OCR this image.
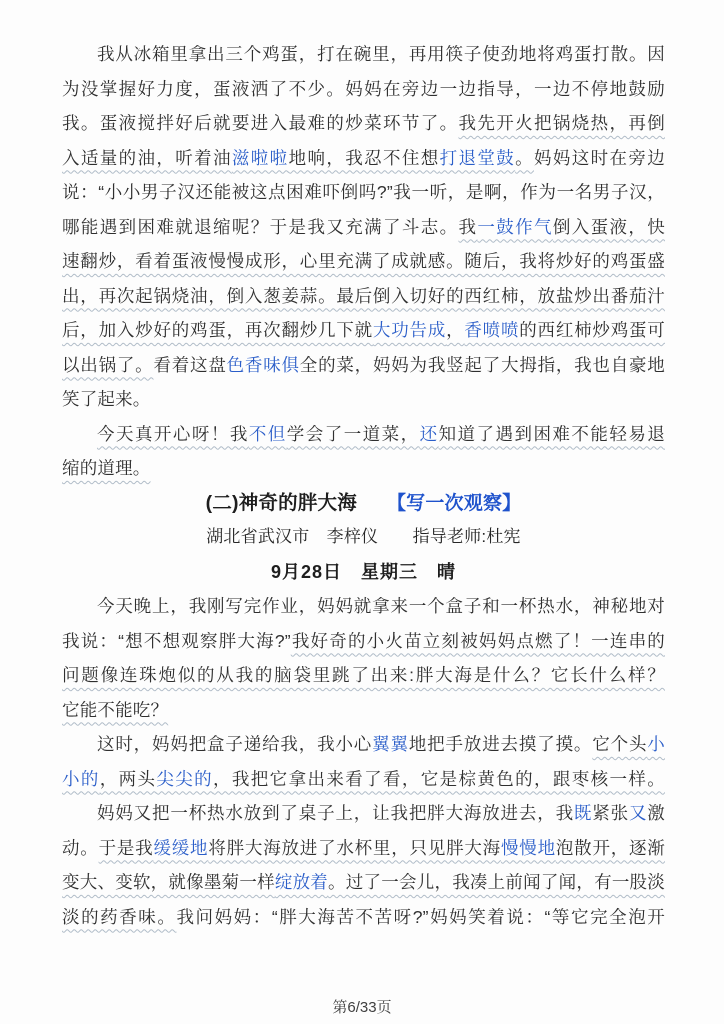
我从冰箱里拿出三个鸡蛋，打在碗里，再用筷子使劲地将鸡蛋打散。因
为没掌握好力度，蛋液洒了不少。妈妈在旁边一边指导，一边不停地鼓励
我。蛋液搅拌好后就要进入最难的炒菜环节了。我先开火把锅烧热，再倒
入适量的油，听着油滋啦啦地响，我忍不住想打退堂鼓。妈妈这时在旁边
说：“小小男子汉还能被这点困难吓倒吗?”我一听，是啊，作为一名男子汉，
哪能遇到困难就退缩呢？于是我又充满了斗志。我一鼓作气倒入蛋液，快
速翻炒，看着蛋液慢慢成形，心里充满了成就感。随后，我将炒好的鸡蛋盛
出，再次起锅烧油，倒入葱姜蒜。最后倒入切好的西红柿，放盐炒出番茄汁
后，加入炒好的鸡蛋，再次翻炒几下就大功告成，香喷喷的西红柿炒鸡蛋可
以出锅了。看着这盘色香味俱全的菜，妈妈为我竖起了大拇指，我也自豪地
笑了起来。
今天真开心呀！我不但学会了一道菜，还知道了遇到困难不能轻易退
缩的道理。
(二)神奇的胖大海 【写一次观察】
湖北省武汉市　李梓仪　　指导老师:杜宪
9月28日　星期三　晴
今天晚上，我刚写完作业，妈妈就拿来一个盒子和一杯热水，神秘地对
我说：“想不想观察胖大海?”我好奇的小火苗立刻被妈妈点燃了！一连串的
问题像连珠炮似的从我的脑袋里跳了出来:胖大海是什么？它长什么样？
它能不能吃？
这时，妈妈把盒子递给我，我小心翼翼地把手放进去摸了摸。它个头小
小的，两头尖尖的，我把它拿出来看了看，它是棕黄色的，跟枣核一样。
妈妈又把一杯热水放到了桌子上，让我把胖大海放进去，我既紧张又激
动。于是我缓缓地将胖大海放进了水杯里，只见胖大海慢慢地泡散开，逐渐
变大、变软，就像墨菊一样绽放着。过了一会儿，我凑上前闻了闻，有一股淡
淡的药香味。我问妈妈：“胖大海苦不苦呀?”妈妈笑着说：“等它完全泡开
第6/33页
